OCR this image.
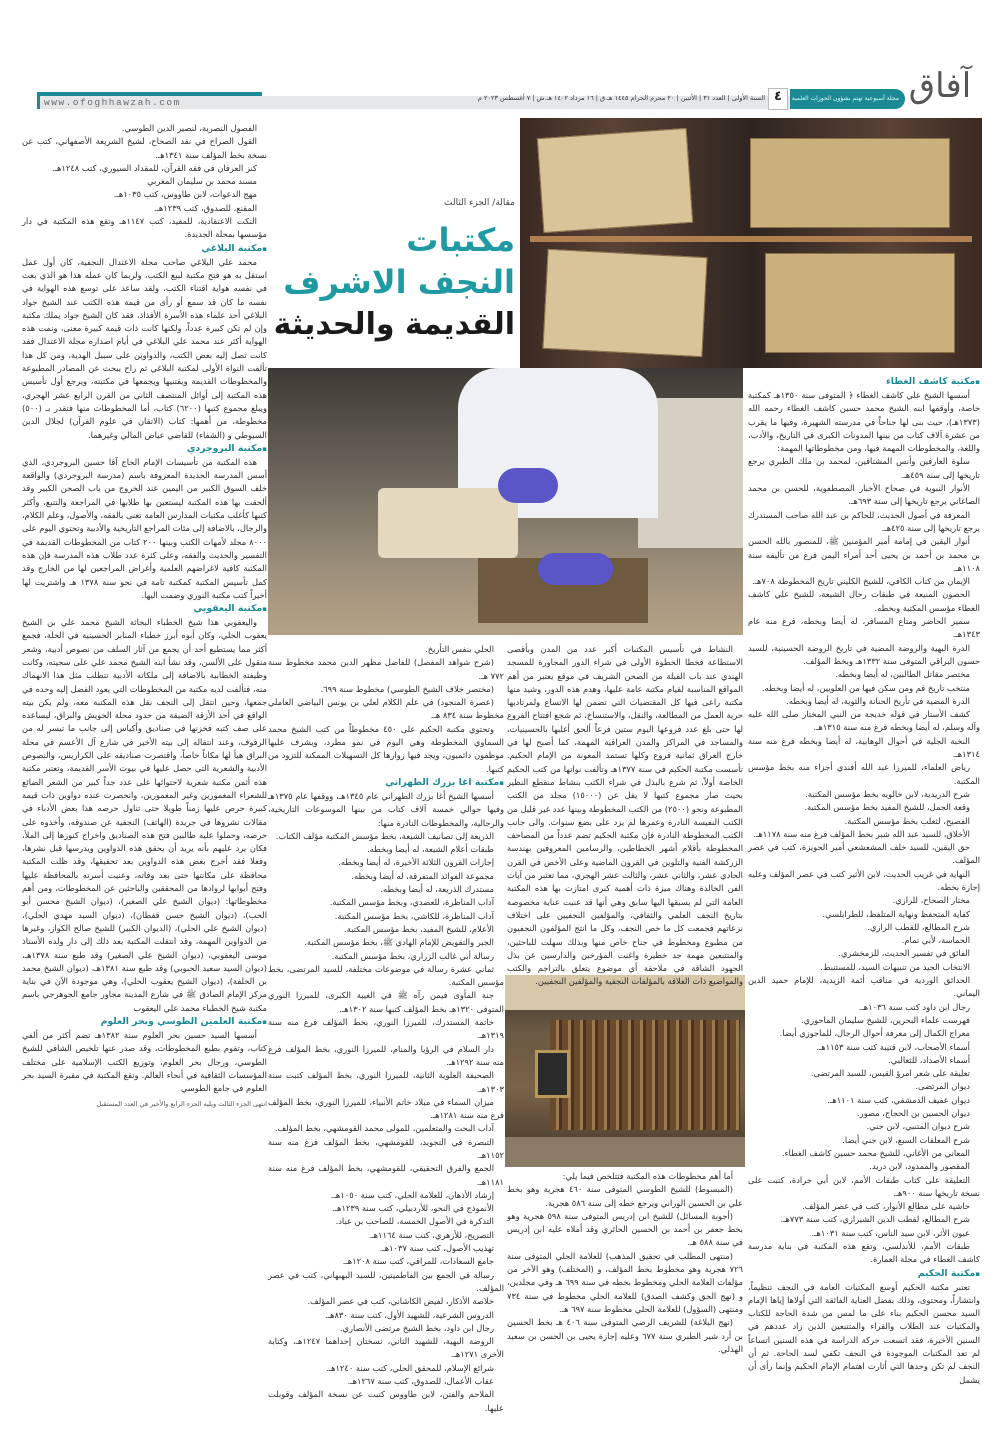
www.ofoghhawzah.com	السنة الأولى | العدد ٣١ | الأثنين | ٢٠ محرم الحرام ١٤٤٥ هـ.ق | ١٦ مرداد ١٤٠٢ هـ.ش | ٧ أغسطس ٢٠٢٣ م ٤	مجلة أسبوعية تهتم بشؤون الحوزات العلمية آفاق
مقالة/ الجزء الثالث
مكتبات
النجف الاشرف
القديمة والحديثة
▪ مكتبة كاشف الغطاء

أسسها الشيخ علي كاشف الغطاء ﴿ المتوفى سنة ١٣٥٠هـ كمكتبة خاصة، وأوقفها ابنه الشيخ محمد حسين كاشف الغطاء رحمه الله (١٣٧٣هـ)، حيث بنى لها جناحاً في مدرسته الشهيرة، وفيها ما يقرب من عشرة آلاف كتاب من بينها المدونات الكبرى في التاريخ، والأدب، واللغة، والمخطوطات المهمة فيها، ومن مخطوطاتها المهمة:

سلوة العارفين وأنس المشتاقين، لمحمد بن ملك الطبري يرجع تاريخها إلى سنة ٤٥٩هـ.

الأنوار النبوية في صحاح الأخبار المصطفوية، للحسن بن محمد الصاغاني يرجع تاريخها إلى سنة ٦٩٣هـ.

المعرفة في أصول الحديث، للحاكم بن عبد الله صاحب المستدرك يرجع تاريخها إلى سنة ٤٢٥هـ.

أنوار اليقين في إمامة أمير المؤمنين ﷺ، للمنصور بالله الحسن بن محمد بن أحمد بن يحيى أحد أمراء اليمن فرغ من تأليفه سنة ١١٠٨هـ.

الإيمان من كتاب الكافي، للشيخ الكليني تاريخ المخطوطة ٧٠٨هـ.

الحصون المنيعة في طبقات رجال الشيعة، للشيخ علي كاشف الغطاء مؤسس المكتبة وبخطه.

سمير الحاضر ومتاع المسافر، له أيضا وبخطه، فرغ منه عام ١٣٤٣هـ.

الدرة البهية والروضة المضية في تاريخ الروضة الحسينية، للسيد حسون البراقي المتوفى سنة ١٣٣٢هـ وبخط المؤلف.

مختصر مقاتل الطالبين، له أيضا وبخطه.

منتخب تاريخ قم ومن سكن فيها من العلويين، له أيضا وبخطه.

الدرة المضية في تأريخ الحنانة والثوية، له أيضا وبخطه.

كشف الأستار في قوله خديجة من النبي المختار صلى الله عليه وآله وسلم، له أيضا وبخطه فرغ منه سنة ١٣١٥هـ.

النخبة الجلية في أحوال الوهابية، له أيضا وبخطه فرغ منه سنة ١٣١٤هـ.

رياض العلماء، للميرزا عبد الله أفندي أجزاء منه بخط مؤسس المكتبة.

شرح الدريدية، لابن خالويه بخط مؤسس المكتبة.

وقعة الجمل، للشيخ المفيد بخط مؤسس المكتبة.

الفصيح، لثعلب بخط مؤسس المكتبة.

الأخلاق، للسيد عبد الله شبر بخط المؤلف فرغ منه سنة ١١٧٨هـ.

حق اليقين، للسيد خلف المشعشعي أمير الحويزة، كتب في عصر المؤلف.

النهاية في غريب الحديث، لابن الأثير كتب في عصر المؤلف وعليه إجازة بخطه.

مختار الصحاح، للرازي.

كفاية المتحفظ ونهاية المتلفظ، للطرابلسي.

شرح المطالع، للقطب الرازي.

الحماسة، لأبي تمام.

الفائق في تفسير الحديث، للزمخشري.

الانتخاب الجيد من تنبيهات السيد، للمستنبط.

الحدائق الوردية في مناقب أئمة الزيدية، للإمام حميد الدين اليماني.

رجال ابن داود كتب سنة ١٠٣٦هـ.

فهرست علماء البحرين، للشيخ سليمان الماحوزي.

معراج الكمال إلى معرفة أحوال الرجال، للماحوزي أيضا.

أسماء الأصحاب، لابن قتيبة كتب سنة ١١٥٣هـ.

أسماء الأصداد، للثعالبي.

تعليقة على شعر امرؤ القيس، للسيد المرتضى.

ديوان المرتضى.

ديوان عفيف الدمشقي، كتب سنة ١١٠١هـ.

ديوان الحسين بن الحجاج، مصور.

شرح ديوان المتنبي، لابن جني.

شرح المعلقات السبع، لابن جني أيضا.

المعاني من الأغاني، للشيخ محمد حسين كاشف الغطاء.

المقصور والممدود، لابن دريد.

التعليقة على كتاب طبقات الأمم، لابن أبي جرادة، كتبت على نسخة تاريخها سنة ٩٠٠هـ.

حاشية على مطالع الأنوار، كتب في عصر المؤلف.

شرح المطالع، لقطب الدين الشيرازي، كتب سنة ٧٧٣هـ.

عيون الأثر، لابن سيد الناس، كتب سنة ١٠٣١هـ.

طبقات الأمم، للأندلسي، وتقع هذه المكتبة في بناية مدرسة كاشف الغطاء في محلة العمارة.

▪ مكتبة الحكيم

تعتبر مكتبة الحكيم أوسع المكتبات العامة في النجف تنظيماً، وانتشاراً، ومحتوى، وذلك بفضل العناية الفائقة التي أولاها إياها الإمام السيد محسن الحكيم بناء على ما لمس من شدة الحاجة للكتاب والمكتبات عند الطلاب والقراء والمتتبعين الذين زاد عددهم في السنين الأخيرة، فقد اتسعت حركة الدراسة في هذه السنين اتساعاً لم تعد المكتبات الموجودة في النجف تكفي لسد الحاجة. ثم أن النجف لم تكن وحدها التي أثارت اهتمام الإمام الحكيم وإنما رأى أن يشمل

النشاط في تأسيس المكتبات أكبر عدد من المدن وبأقصى الاستطاعة فخطا الخطوة الأولى في شراء الدور المجاورة للمسجد الهندي عند باب القبلة من الصحن الشريف في موقع يعتبر من أهم المواقع المناسبة لقيام مكتبة عامة عليها، وهدم هذه الدور، وشيد منها مكتبة راعى فيها كل المقتضيات التي تضمن لها الاتساع ولمرتاديها حرية العمل من المطالعة، والنقل، والاستنساخ، ثم شجع افتتاح الفروع لها حتى بلغ عدد فروعها اليوم ستين فرعاً ألحق أغلبها بالحسينيات، والمساجد في المراكز والمدن العراقية المهمة، كما أصبح لها في خارج العراق ثمانية فروع وكلها تستمد المعونة من الإمام الحكيم. تأسست مكتبة الحكيم في سنة ١٣٧٧هـ وتألفت نواتها من كتب الحكيم الخاصة أولاً، ثم شرع بالبذل في شراء الكتب بنشاط منقطع النظير بحيث صار مجموع كتبها لا يقل عن (١٥٠٠٠) مجلد من الكتب المطبوعة ونحو (٢٥٠٠) من الكتب المخطوطة وبينها عدد غير قليل من الكتب النفيسة النادرة وعمرها لم يزد على بضع سنوات. والى جانب الكتب المخطوطة النادرة فإن مكتبة الحكيم تضم عدداً من المصاحف المخطوطة بأقلام أشهر الخطاطين، والرسامين المعروفين بهندسة الزركشة الفنية والتلوين في القرون الماضية وعلى الأخص في القرن الحادي عشر، والثاني عشر، والثالث عشر الهجري، مما تعتبر من آيات الفن الخالدة وهناك ميزة ذات أهمية كبرى امتازت بها هذه المكتبة العامة التي لم يسبقها اليها سابق وهي أنها قد عنيت عناية مخصوصة بتاريخ النجف العلمي والثقافي، والمؤلفين النجفيين على اختلاف نزعاتهم فجمعت كل ما خص النجف، وكل ما انتج المؤلفون النجفيون من مطبوع ومخطوط في جناح خاص منها وبذلك سهلت للباحثين، والمتتبعين مهمة جد خطيرة واغنت المؤرخين والدارسين عن بذل الجهود الشاقة في ملاحقة أي موضوع يتعلق بالتراجم والكتب والمواضيع ذات العلاقة بالمؤلفات النجفية والمؤلفين النجفيين.

أما أهم مخطوطات هذه المكتبة فتتلخص فيما يلي:

(المبسوط) للشيخ الطوسي المتوفى سنة ٤٦٠ هجرية وهو بخط علي بن الحسين الوراني ويرجع خطه إلى سنة ٥٨٦ هجرية.

(أجوبة المسائل) للشيخ ابن إدريس المتوفى سنة ٥٩٨ هجرية وهو بخط جعفر بن أحمد بن الحسين الحائري وقد أملاه عليه ابن إدريس في سنة ٥٨٨ هـ.

(منتهى المطلب في تحقيق المذهب) للعلامة الحلي المتوفى سنة ٧٢٦ هجرية وهو مخطوط بخط المؤلف، و (المختلف) وهو الآخر من مؤلفات العلامة الحلي ومخطوط بخطه في سنة ٦٩٩ هـ وفي مجلدين، و (نهج الحق وكشف الصدق) للعلامة الحلي مخطوط في سنة ٧٣٤ ومنتهى (السؤول) للعلامة الحلي مخطوط سنة ٦٩٧ هـ.

(نهج البلاغة) للشريف الرضي المتوفى سنة ٤٠٦ هـ بخط الحسين بن أرد شير الطبري سنة ٦٧٧ وعليه إجازة يحيى بن الحسن بن سعيد الهذلي.

الحلي بنفس التأريخ.

(شرح شواهد المفصل) للفاضل مظهر الدين محمد مخطوط سنة ٧٧٢ هـ.

(مختصر خلاف الشيخ الطوسي) مخطوط سنة ٦٩٩.

(عصرة المنجود) في علم الكلام لعلي بن يونس البياضي العاملي مخطوط سنة ٨٣٤ هـ.

وتحتوي مكتبة الحكيم على ٤٥٠ مخطوطاً من كتب الشيخ محمد السماوي المخطوطة وهي اليوم في نمو مطرد، ويشرف عليها موظفون دائميون، ويجد فيها زوارها كل التسهيلات الممكنة للتزود من كتبها.

▪ مكتبة اغا بزرك الطهراني

أسسها الشيخ أغا بزرك الطهراني عام ١٣٤٥هـ، ووقفها عام ١٣٧٥هـ وفيها حوالي خمسة آلاف كتاب من بينها الموسوعات التاريخية، والرجالية، والمخطوطات النادرة منها:

الذريعة إلى تصانيف الشيعة، بخط مؤسس المكتبة مؤلف الكتاب.

طبقات أعلام الشيعة، له أيضا وبخطه.

إجازات القرون الثلاثة الأخيرة، له أيضا وبخطه.

مجموعة الفوائد المتفرقة، له أيضا وبخطه.

مستدرك الذريعة، له أيضا وبخطه.

آداب المناظرة، للعضدي، وبخط مؤسس المكتبة.

آداب المناظرة، للكاشي، بخط مؤسس المكتبة.

الأعلام، للشيخ المفيد، بخط مؤسس المكتبة.

الجبر والتفويض للإمام الهادي ﷺ، بخط مؤسس المكتبة.

رسالة أبي غالب الزراري، بخط مؤسس المكتبة.

ثماني عشرة رسالة في موضوعات مختلفة، للسيد المرتضى، بخط مؤسس المكتبة.

جنة المأوى فيمن رآه ﷺ في الغيبة الكبرى، للميرزا النوري المتوفى ١٣٢٠هـ بخط المؤلف كتبها سنة ١٣٠٢هـ.

خاتمة المستدرك، للميرزا النوري، بخط المؤلف فرغ منه سنة ١٣١٩هـ.

دار السلام في الرؤيا والمنام، للميرزا النوري، بخط المؤلف فرغ منه سنة ١٢٩٢هـ.

الصحيفة العلوية الثانية، للميرزا النوري، بخط المؤلف كتبت سنة ١٣٠٣هـ.

ميزان السماء في ميلاد خاتم الأنبياء، للميرزا النوري، بخط المؤلف فرغ منه سنة ١٢٨١هـ.

آداب البحث والمتعلمين، للمولى محمد القومشهي، بخط المؤلف.

التبصرة في التجويد، للقومشهي، بخط المؤلف فرغ منه سنة ١١٥٢هـ.

الجمع والفرق التحقيقي، للقومشهي، بخط المؤلف فرغ منه سنة ١١٨١هـ.

إرشاد الأذهان، للعلامة الحلي، كتب سنة ١٠٥٠هـ.

الأنموذج في النحو، للأردبيلي، كتب سنة ١٢٣٩هـ.

التذكرة في الأصول الخمسة، للصاحب بن عباد.

التصريح، للأزهري، كتب سنة ١١٦٤هـ.

تهذيب الأصول، كتب سنة ١٠٣٧هـ.

جامع السعادات، للمراقي، كتب سنة ١٢٠٨هـ.

رسالة في الجمع بين الفاطميتين، للسيد البهبهاني، كتب في عصر المؤلف.

خلاصة الأذكار، لفيض الكاشاني، كتب في عصر المؤلف.

الدروس الشرعية، للشهيد الأول، كتب سنة ٨٣٠هـ.

رجال ابن داود، بخط الشيخ مرتضى الأنصاري.

الروضة البهية، للشهيد الثاني، نسختان إحداهما ١٢٤٧هـ، وكتابة الأخرى ١٢٧١هـ.

شرائع الإسلام، للمحقق الحلي، كتب سنة ١٢٤٠هـ.

عقاب الأعمال، للصدوق، كتب سنة ١٢٦٧هـ.

الملاحم والفتن، لابن طاووس كتبت عن نسخة المؤلف وقوبلت عليها.

الفصول النصرية، لنصير الدين الطوسي.

القول الصراح في نقد الصحاح، لشيخ الشريعة الأصفهاني، كتب عن نسخة بخط المؤلف سنة ١٣٤١هـ.

كنز العرفان في فقه القرآن، للمقداد السيوري، كتب ١٢٤٨هـ.

مسند محمد بن سليمان المغربي

مهج الدعوات، لابن طاووس، كتب ١٠٣٥هـ.

المقنع، للصدوق، كتب ١٢٣٩هـ.

النكت الاعتقادية، للمفيد، كتب ١١٤٧هـ وتقع هذه المكتبة في دار مؤسسها بمحلة الجديدة.

▪ مكتبة البلاغي

محمد علي البلاغي صاحب مجلة الاعتدال النجفية، كان أول عمل استقل به هو فتح مكتبة لبيع الكتب، ولربما كان عمله هذا هو الذي بعث في نفسه هواية اقتناء الكتب، ولقد ساعد على توسع هذه الهواية في نفسه ما كان قد سمع أو رأى من قيمة هذه الكتب عند الشيخ جواد البلاغي أحد علماء هذه الأسرة الأفذاذ، فقد كان الشيخ جواد يملك مكتبة وإن لم تكن كبيرة عدداً، ولكنها كانت ذات قيمة كبيرة معنى، ونمت هذه الهواية أكثر عند محمد علي البلاغي في أيام اصداره مجلة الاعتدال فقد كانت تصل إليه بعض الكتب، والدواوين على سبيل الهدية، ومن كل هذا تألفت النواة الأولى لمكتبة البلاغي ثم راح يبحث عن المصادر المطبوعة والمخطوطات القديمة ويقتنيها ويجمعها في مكتبته، ويرجع أول تأسيس هذه المكتبة إلى أوائل المنتصف الثاني من القرن الرابع عشر الهجري، ويبلغ مجموع كتبها (٦٢٠٠) كتاب، أما المخطوطات منها فتقدر بـ (٥٠٠) مخطوطة، من أهمها: كتاب (الاتقان في علوم القرآن) لجلال الدين السيوطي و (الشفاء) للقاضي عياض المالي وغيرهما.

▪ مكتبة البروجردي

هذه المكتبة من تأسيسات الإمام الحاج آقا حسين البروجردي، الذي أسس المدرسة الجديدة المعروفة باسم (مدرسة البروجردي) والواقعة خلف السوق الكبير من اليمين عند الخروج من باب الصحن الكبير وقد ألحقت بها هذه المكتبة ليستعين بها طلابها في المراجعة والتتبع، وأكثر كتبها كأغلب مكتبات المدارس العامة تعنى بالفقه، والأصول، وعلم الكلام، والرجال، بالاضافة إلى مئات المراجع التاريخية والأدبية وتحتوي اليوم على ٨٠٠٠ مجلد لأمهات الكتب وبينها ٢٠٠ كتاب من المخطوطات القديمة في التفسير والحديث والفقه، وعلى كثرة عدد طلاب هذه المدرسة فإن هذه المكتبة كافية لاغراضهم العلمية وأغراض المراجعين لها من الخارج وقد كمل تأسيس المكتبة كمكتبة تامة في نحو سنة ١٣٧٨ هـ واشتريت لها أخيراً كتب مكتبة النوري وضمت اليها.

▪ مكتبة اليعقوبي

واليعقوبي هذا شيخ الخطباء البحاثة الشيخ محمد علي بن الشيخ يعقوب الحلي، وكان أبوه أبرز خطباء المنابر الحسينية في الحلة، فجمع أكثر مما يستطيع أحد أن يجمع من آثار السلف من نصوص أدبية، وشعر منقول على الألسن، وقد نشأ ابنه الشيخ محمد علي على سجيته، وكانت وظيفته الخطابية بالاضافة إلى ملكاته الأدبية تتطلب مثل هذا الانهماك منه، فتألفت لديه مكتبة من المخطوطات التي يعود الفضل إليه وحده في جمعها، وحين انتقل إلى النجف نقل هذه المكتبة معه، ولم يكن بيته الواقع في أحد الأزقة الضيقة من حدود محلة الحويش والبراق، ليساعده على صف كتبه فخزنها في صناديق وأكياس إلى جانب ما تيسر له من الرفوف، وعند انتقاله إلى بيته الأخير في شارع آل الأعسم في محلة البراق هيأ لها مكاناً خاصاً، واقتصرت صناديقه على الكراريس، والنصوص الأدبية والشعرية التي حصل عليها في بيوت الأسر القديمة، وتعتبر مكتبة هذه أثمن مكتبة شعرية لاحتوائها على عدد جداً كبير من الشعر الضائع للشعراء المغمورين وغير المغمورين، وانحصرت عنده دواوين ذات قيمة كبيرة حرص عليها زمناً طويلا حتى تناول حرصه هذا بعض الأدباء في مقالات نشروها في جريدة (الهاتف) النجفية عن صندوقه، وأخذوه على حرصه، وحملوا عليه طالبين فتح هذه الصناديق واخراج كنوزها إلى الملأ، فكان يرد عليهم بأنه يريد أن يحقق هذه الدواوين ويدرسها قبل نشرها، وفعلا فقد أخرج بعض هذه الدواوين بعد تحقيقها، وقد ظلت المكتبة محافظة على مكانتها حتى بعد وفاته، وعنيت أسرته بالمحافظة عليها وفتح أبوابها لروادها من المحققين والباحثين عن المخطوطات، ومن أهم مخطوطاتها: (ديوان الشيخ علي الصغير)، (ديوان الشيخ محسن أبو الحب)، (ديوان الشيخ حسن قفطان)، (ديوان السيد مهدي الحلي)، (ديوان الشيخ علي الحلي)، (الديوان الكبير) للشيخ صالح الكواز، وغيرها من الدواوين المهمة، وقد انتقلت المكتبة بعد ذلك إلى دار ولده الأستاذ موسى اليعقوبي، (ديوان الشيخ علي الصغير) وقد طبع سنة ١٣٧٨هـ، (ديوان السيد سعيد الحبوبي) وقد طبع سنة ١٣٨١هـ، (ديوان الشيخ محمد بن الخلفة)، (ديوان الشيخ يعقوب الحلي)، وهي موجودة الآن في بناية مركز الإمام الصادق ﷺ في شارع المدينة مجاور جامع الجوهرجي باسم مكتبة شيخ الخطباء محمد علي اليعقوب

▪ مكتبة العلمين الطوسي وبحر العلوم

أسسها السيد حسين بحر العلوم سنة ١٣٨٢هـ تضم أكثر من ألفي كتاب، وتقوم بطبع المخطوطات، وقد صدر عنها تلخيص الشافي للشيخ الطوسي، ورجال بحر العلوم، وتوزيع الكتب الإسلامية على مختلف المؤسسات الثقافية في أنحاء العالم. وتقع المكتبة في مقبرة السيد بحر العلوم في جامع الطوسي

انتهى الجزء الثالث ويليه الجزء الرابع والأخير في العدد المستقبل
